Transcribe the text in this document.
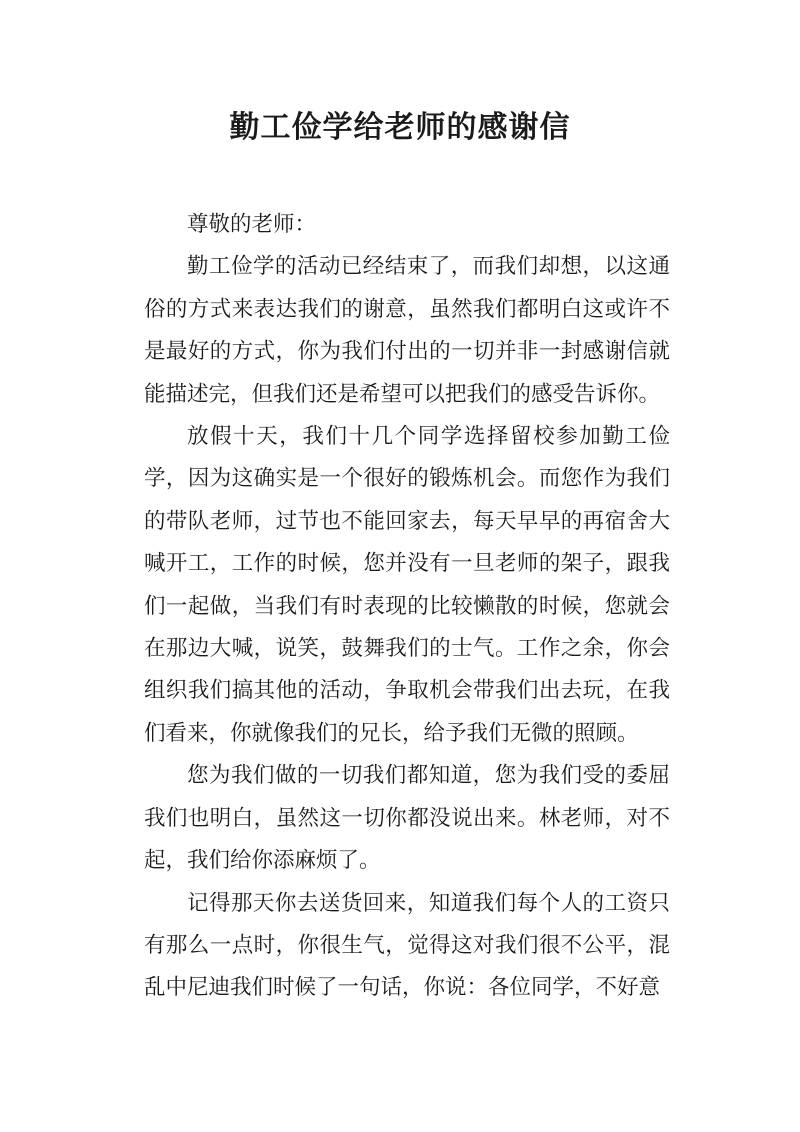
勤工俭学给老师的感谢信

尊敬的老师：

勤工俭学的活动已经结束了，而我们却想，以这通俗的方式来表达我们的谢意，虽然我们都明白这或许不是最好的方式，你为我们付出的一切并非一封感谢信就能描述完，但我们还是希望可以把我们的感受告诉你。

放假十天，我们十几个同学选择留校参加勤工俭学，因为这确实是一个很好的锻炼机会。而您作为我们的带队老师，过节也不能回家去，每天早早的再宿舍大喊开工，工作的时候，您并没有一旦老师的架子，跟我们一起做，当我们有时表现的比较懒散的时候，您就会在那边大喊，说笑，鼓舞我们的士气。工作之余，你会组织我们搞其他的活动，争取机会带我们出去玩，在我们看来，你就像我们的兄长，给予我们无微的照顾。

您为我们做的一切我们都知道，您为我们受的委屈我们也明白，虽然这一切你都没说出来。林老师，对不起，我们给你添麻烦了。

记得那天你去送货回来，知道我们每个人的工资只有那么一点时，你很生气，觉得这对我们很不公平，混乱中尼迪我们时候了一句话，你说：各位同学，不好意
